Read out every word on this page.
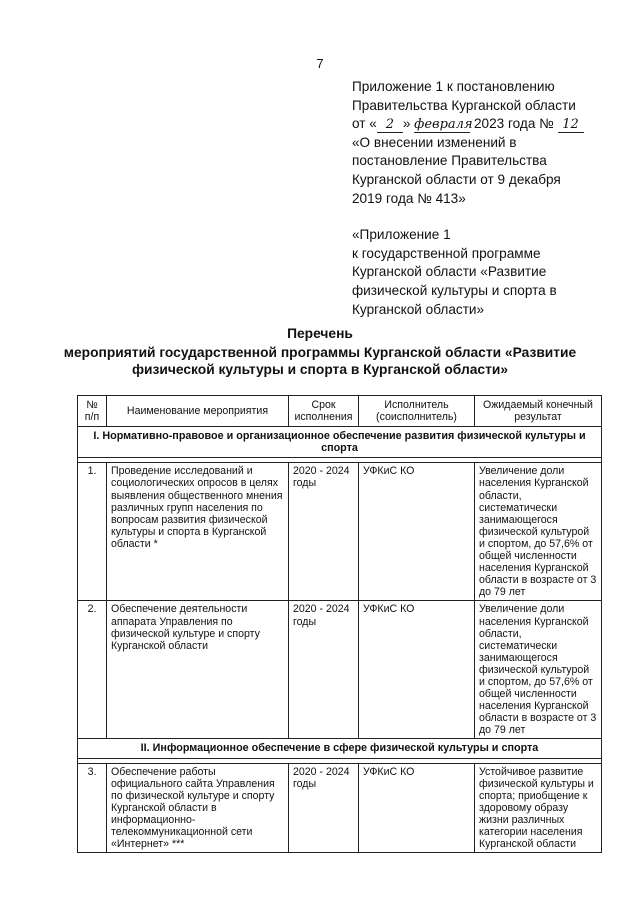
7
Приложение 1 к постановлению
Правительства Курганской области
от « 2 » февраля 2023 года № 12
«О внесении изменений в
постановление Правительства
Курганской области от 9 декабря
2019 года № 413»
«Приложение 1
к государственной программе
Курганской области «Развитие
физической культуры и спорта в
Курганской области»
Перечень
мероприятий государственной программы Курганской области «Развитие
физической культуры и спорта в Курганской области»
№ п/п	Наименование мероприятия	Срок исполнения	Исполнитель (соисполнитель)	Ожидаемый конечный результат
I. Нормативно-правовое и организационное обеспечение развития физической культуры и спорта				

1.	Проведение исследований и социологических опросов в целях выявления общественного мнения различных групп населения по вопросам развития физической культуры и спорта в Курганской области *	2020 - 2024 годы	УФКиС КО	Увеличение доли населения Курганской области, систематически занимающегося физической культурой и спортом, до 57,6% от общей численности населения Курганской области в возрасте от 3 до 79 лет
2.	Обеспечение деятельности аппарата Управления по физической культуре и спорту Курганской области	2020 - 2024 годы	УФКиС КО	Увеличение доли населения Курганской области, систематически занимающегося физической культурой и спортом, до 57,6% от общей численности населения Курганской области в возрасте от 3 до 79 лет
II. Информационное обеспечение в сфере физической культуры и спорта				

3.	Обеспечение работы официального сайта Управления по физической культуре и спорту Курганской области в информационно-телекоммуникационной сети «Интернет» ***	2020 - 2024 годы	УФКиС КО	Устойчивое развитие физической культуры и спорта; приобщение к здоровому образу жизни различных категории населения Курганской области
